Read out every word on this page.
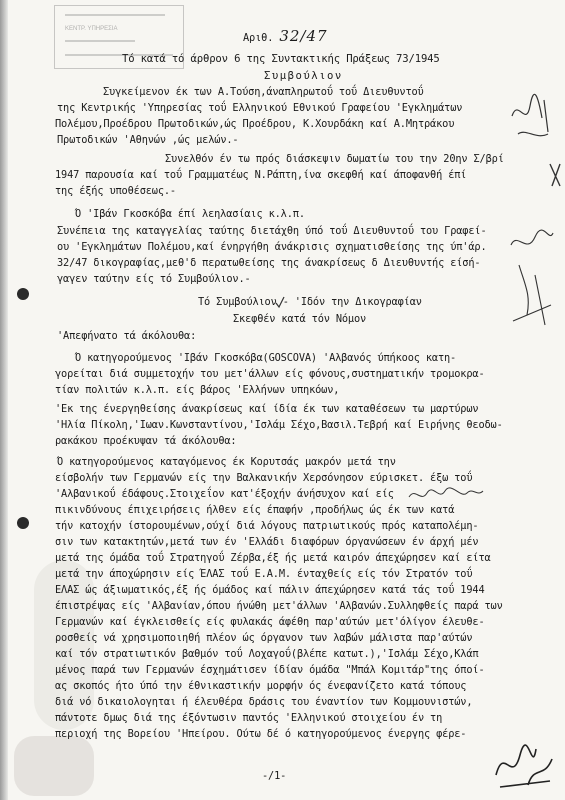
ΚΕΝΤΡ. ΥΠΗΡΕΣΙΑ
Αριθ. 32/47
Τό κατά τό άρθρον 6 της Συντακτικής Πράξεως 73/1945
Συμβούλιον
Συγκείμενον έκ των Α.Τούση,άναπληρωτοΰ τοΰ Διευθυντοΰ
της Κεντρικής 'Υπηρεσίας τοΰ Ελληνικού Εθνικού Γραφείου 'Εγκλημάτων
Πολέμου,Προέδρου Πρωτοδικών,ώς Προέδρου, Κ.Χουρδάκη καί Α.Μητράκου
Πρωτοδικών 'Αθηνών ,ώς μελών.-
Συνελθόν έν τω πρός διάσκεψιν δωματίω του την 20ην Σ/βρί
1947 παρουσία καί τοΰ Γραμματέως Ν.Ράπτη,ίνα σκεφθή καί άποφανθή έπί
της έξής υποθέσεως.-
Ό 'Ιβάν Γκοσκόβα έπί λεηλασίαις κ.λ.π.
Συνέπεια της καταγγελίας ταύτης διετάχθη ύπό τοΰ Διευθυντοΰ του Γραφεί-
ου 'Εγκλημάτων Πολέμου,καί ένηργήθη άνάκρισις σχηματισθείσης της ύπ'άρ.
32/47 δικογραφίας,μεθ'δ περατωθείσης της άνακρίσεως δ Διευθυντής είσή-
γαγεν ταύτην είς τό Συμβούλιον.-
Τό Συμβούλιον - 'Ιδόν την Δικογραφίαν
Σκεφθέν κατά τόν Νόμον
'Απεφήνατο τά άκόλουθα:
Ό κατηγορούμενος 'Ιβάν Γκοσκόβα(GOSCOVA) 'Αλβανός ύπήκοος κατη-
γορείται διά συμμετοχήν του μετ'άλλων είς φόνους,συστηματικήν τρομοκρα-
τίαν πολιτών κ.λ.π. είς βάρος 'Ελλήνων υπηκόων,
'Εκ της ένεργηθείσης άνακρίσεως καί ίδία έκ των καταθέσεων τω μαρτύρων
'Ηλία Πίκολη,'Ιωαν.Κωνσταντίνου,'Ισλάμ Σέχο,Βασιλ.Τεβρή καί Ειρήνης θεοδω-
ρακάκου προέκυψαν τά άκόλουθα:
Ό κατηγορούμενος καταγόμενος έκ Κορυτσάς μακρόν μετά την
είσβολήν των Γερμανών είς την Βαλκανικήν Χερσόνησον εύρισκετ. έξω τοΰ
'Αλβανικοΰ έδάφους.Στοιχεΐον κατ'έξοχήν άνήσυχον καί είς
πικινδύνους έπιχειρήσεις ήλθεν είς έπαφήν ,προδήλως ώς έκ των κατά
τήν κατοχήν ίστορουμένων,ούχί διά λόγους πατριωτικούς πρός καταπολέμη-
σιν των κατακτητών,μετά των έν 'Ελλάδι διαφόρων όργανώσεων έν άρχή μέν
μετά της όμάδα τοΰ Στρατηγοΰ Ζέρβα,έξ ής μετά καιρόν άπεχώρησεν καί είτα
μετά την άποχώρησιν είς ΈΛΑΣ τοΰ Ε.Α.Μ. ένταχθείς είς τόν Στρατόν τοΰ
ΕΛΑΣ ώς άξιωματικός,έξ ής όμάδος καί πάλιν άπεχώρησεν κατά τάς τοΰ 1944
έπιστρέψας είς 'Αλβανίαν,όπου ήνώθη μετ'άλλων 'Αλβανών.Συλληφθείς παρά των
Γερμανών καί έγκλεισθείς είς φυλακάς άφέθη παρ'αύτών μετ'όλίγον έλευθε-
ροσθείς νά χρησιμοποιηθή πλέον ώς όργανον των λαβών μάλιστα παρ'αύτών
καί τόν στρατιωτικόν βαθμόν τοΰ Λοχαγοΰ(βλέπε κατωτ.),'Ισλάμ Σέχο,Κλάπ
μένος παρά των Γερμανών έσχημάτισεν ίδίαν όμάδα "Μπάλ Κομιτάρ"της όποί-
ας σκοπός ήτο ύπό την έθνικαστικήν μορφήν ός ένεφανίζετο κατά τόπους
διά νό δικαιολογηται ή έλευθέρα δράσις του έναντίον των Κομμουνιστών,
πάντοτε δμως διά της έξόντωσιν παντός 'Ελληνικού στοιχείου έν τη
περιοχή της Βορείου 'Ηπείρου. Ούτω δέ ό κατηγορούμενος ένεργης φέρε-
-/1-
